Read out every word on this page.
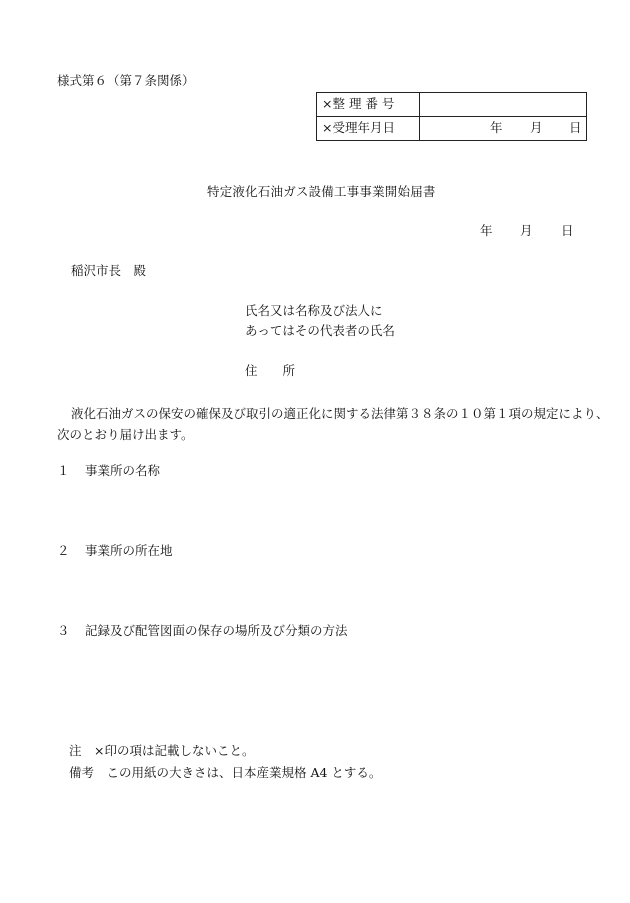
様式第６（第７条関係）
×整 理 番 号	
×受理年月日	年 月 日
特定液化石油ガス設備工事事業開始届書
年 月 日
稲沢市長　殿
氏名又は名称及び法人に
あってはその代表者の氏名
住　　所
液化石油ガスの保安の確保及び取引の適正化に関する法律第３８条の１０第１項の規定により、次のとおり届け出ます。
１ 事業所の名称
２ 事業所の所在地
３ 記録及び配管図面の保存の場所及び分類の方法
注　×印の項は記載しないこと。
備考　この用紙の大きさは、日本産業規格 A4 とする。
